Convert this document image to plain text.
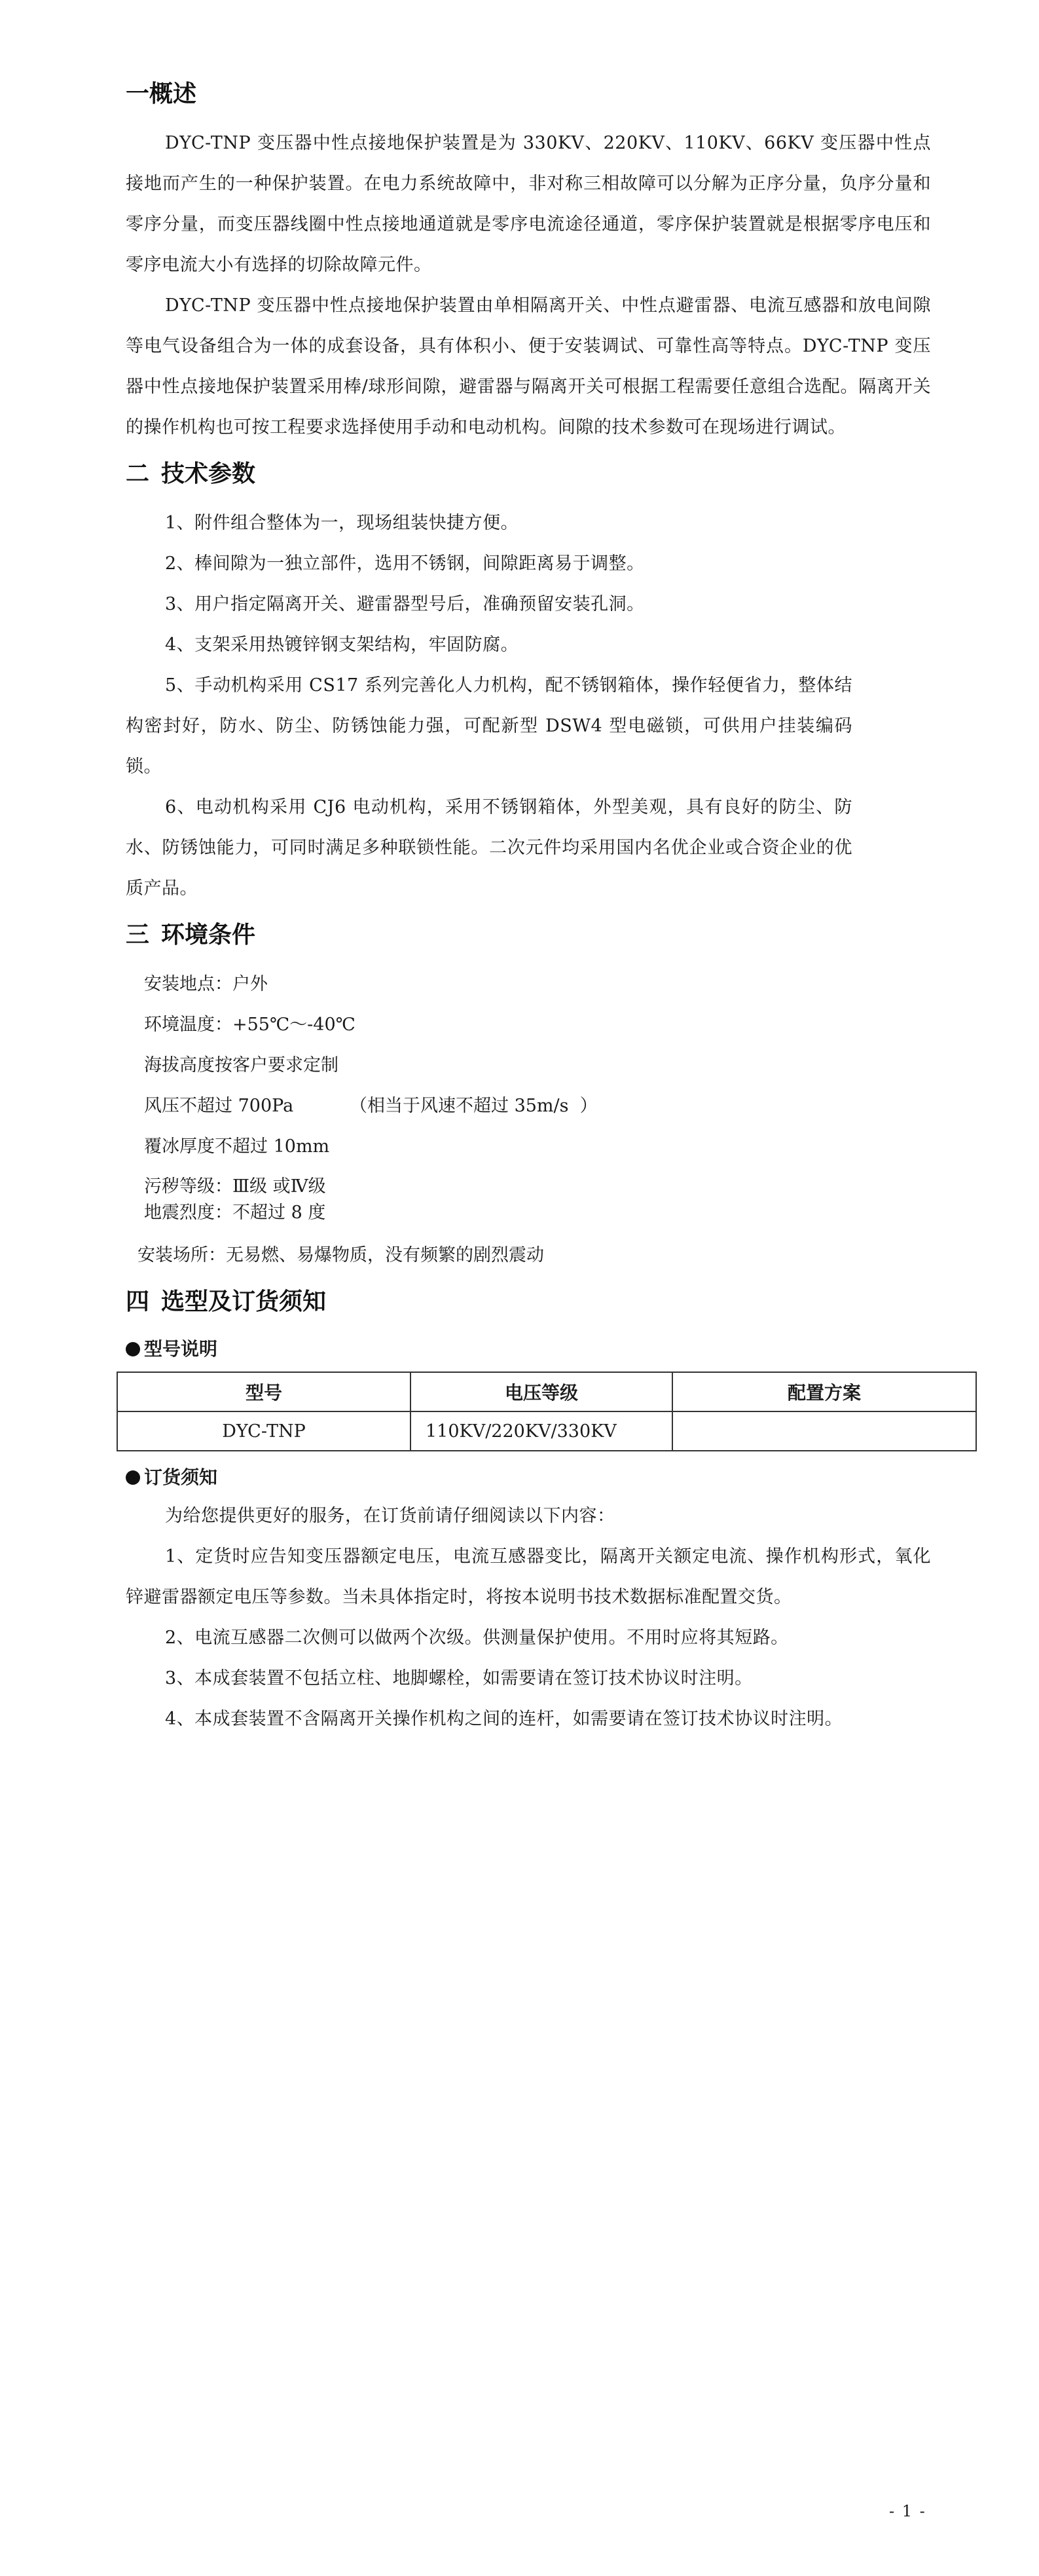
一概述

DYC-TNP 变压器中性点接地保护装置是为 330KV、220KV、110KV、66KV 变压器中性点接地而产生的一种保护装置。在电力系统故障中，非对称三相故障可以分解为正序分量，负序分量和零序分量，而变压器线圈中性点接地通道就是零序电流途径通道，零序保护装置就是根据零序电压和零序电流大小有选择的切除故障元件。

DYC-TNP 变压器中性点接地保护装置由单相隔离开关、中性点避雷器、电流互感器和放电间隙等电气设备组合为一体的成套设备，具有体积小、便于安装调试、可靠性高等特点。DYC-TNP 变压器中性点接地保护装置采用棒/球形间隙，避雷器与隔离开关可根据工程需要任意组合选配。隔离开关的操作机构也可按工程要求选择使用手动和电动机构。间隙的技术参数可在现场进行调试。

二 技术参数

1、附件组合整体为一，现场组装快捷方便。

2、棒间隙为一独立部件，选用不锈钢，间隙距离易于调整。

3、用户指定隔离开关、避雷器型号后，准确预留安装孔洞。

4、支架采用热镀锌钢支架结构，牢固防腐。

5、手动机构采用 CS17 系列完善化人力机构，配不锈钢箱体，操作轻便省力，整体结构密封好，防水、防尘、防锈蚀能力强，可配新型 DSW4 型电磁锁，可供用户挂装编码锁。

6、电动机构采用 CJ6 电动机构，采用不锈钢箱体，外型美观，具有良好的防尘、防水、防锈蚀能力，可同时满足多种联锁性能。二次元件均采用国内名优企业或合资企业的优质产品。

三 环境条件

安装地点：户外

环境温度：+55℃～-40℃

海拔高度按客户要求定制

风压不超过 700Pa          （相当于风速不超过 35m/s  ）

覆冰厚度不超过 10mm

污秽等级：Ⅲ级 或Ⅳ级

地震烈度：不超过 8 度

安装场所：无易燃、易爆物质，没有频繁的剧烈震动

四 选型及订货须知
型号说明
型号	电压等级	配置方案
DYC-TNP	110KV/220KV/330KV	
订货须知

为给您提供更好的服务，在订货前请仔细阅读以下内容：

1、定货时应告知变压器额定电压，电流互感器变比，隔离开关额定电流、操作机构形式，氧化锌避雷器额定电压等参数。当未具体指定时，将按本说明书技术数据标准配置交货。

2、电流互感器二次侧可以做两个次级。供测量保护使用。不用时应将其短路。

3、本成套装置不包括立柱、地脚螺栓，如需要请在签订技术协议时注明。

4、本成套装置不含隔离开关操作机构之间的连杆，如需要请在签订技术协议时注明。

- 1 -
